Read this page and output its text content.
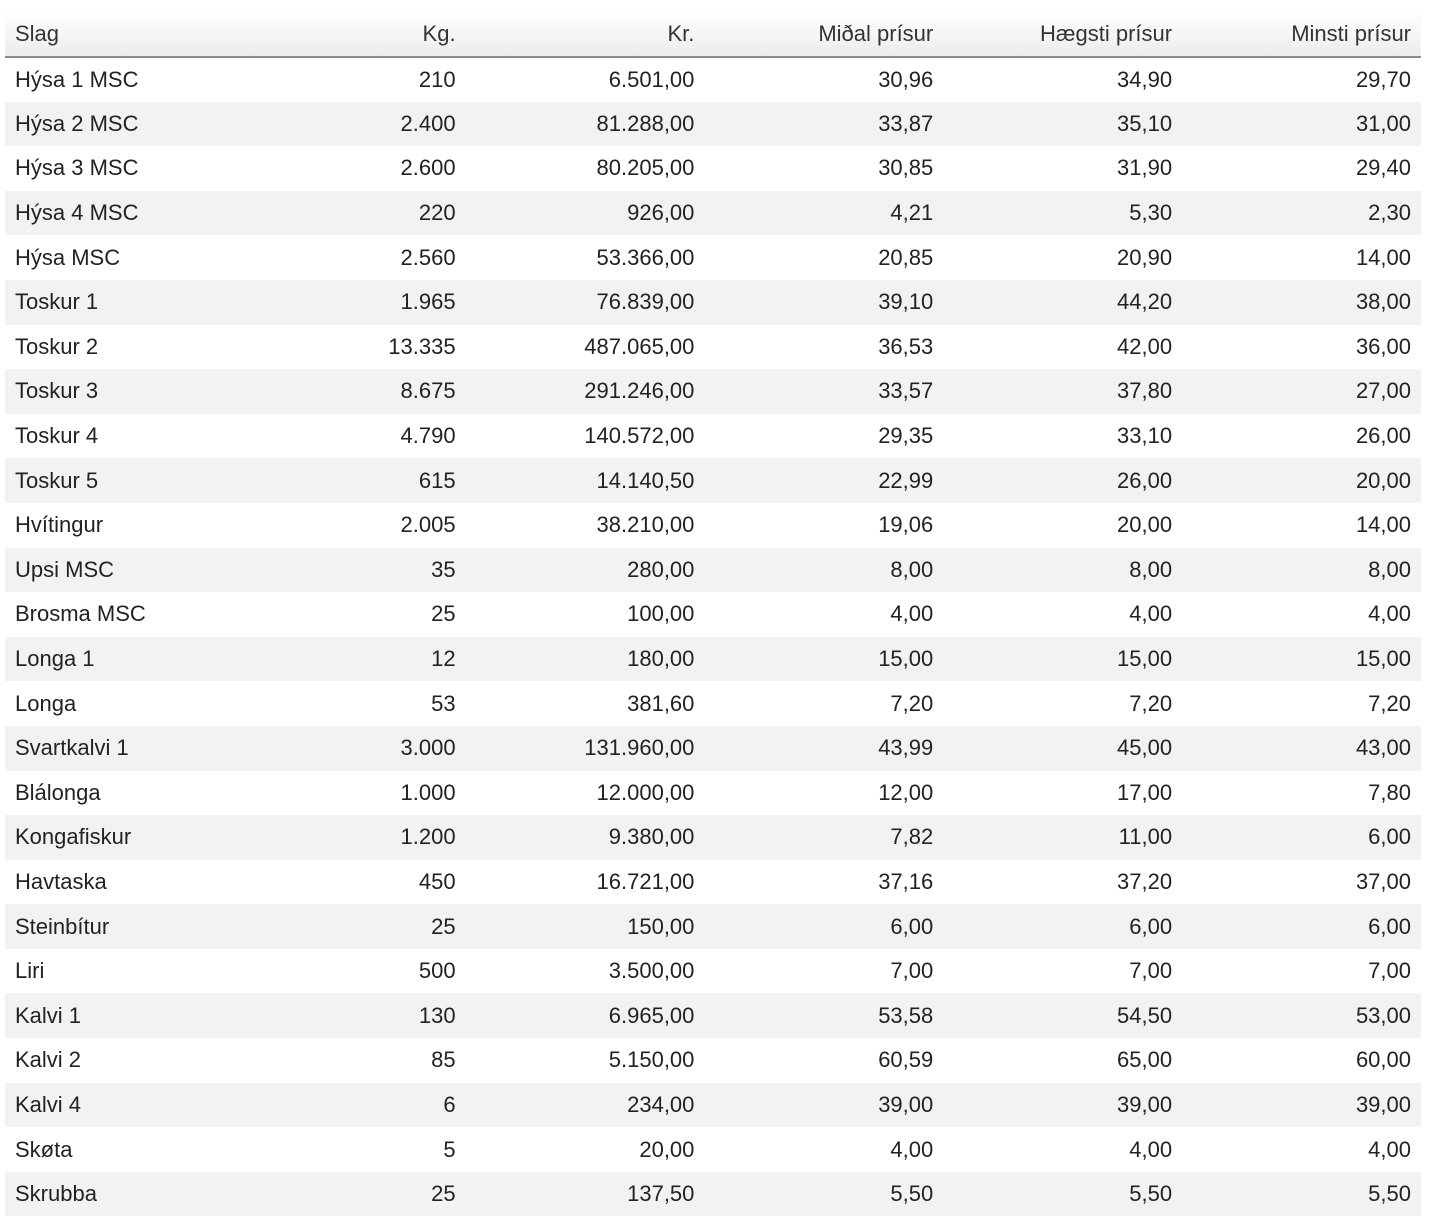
Slag	Kg.	Kr.	Miðal prísur	Hægsti prísur	Minsti prísur
Hýsa 1 MSC	210	6.501,00	30,96	34,90	29,70
Hýsa 2 MSC	2.400	81.288,00	33,87	35,10	31,00
Hýsa 3 MSC	2.600	80.205,00	30,85	31,90	29,40
Hýsa 4 MSC	220	926,00	4,21	5,30	2,30
Hýsa MSC	2.560	53.366,00	20,85	20,90	14,00
Toskur 1	1.965	76.839,00	39,10	44,20	38,00
Toskur 2	13.335	487.065,00	36,53	42,00	36,00
Toskur 3	8.675	291.246,00	33,57	37,80	27,00
Toskur 4	4.790	140.572,00	29,35	33,10	26,00
Toskur 5	615	14.140,50	22,99	26,00	20,00
Hvítingur	2.005	38.210,00	19,06	20,00	14,00
Upsi MSC	35	280,00	8,00	8,00	8,00
Brosma MSC	25	100,00	4,00	4,00	4,00
Longa 1	12	180,00	15,00	15,00	15,00
Longa	53	381,60	7,20	7,20	7,20
Svartkalvi 1	3.000	131.960,00	43,99	45,00	43,00
Blálonga	1.000	12.000,00	12,00	17,00	7,80
Kongafiskur	1.200	9.380,00	7,82	11,00	6,00
Havtaska	450	16.721,00	37,16	37,20	37,00
Steinbítur	25	150,00	6,00	6,00	6,00
Liri	500	3.500,00	7,00	7,00	7,00
Kalvi 1	130	6.965,00	53,58	54,50	53,00
Kalvi 2	85	5.150,00	60,59	65,00	60,00
Kalvi 4	6	234,00	39,00	39,00	39,00
Skøta	5	20,00	4,00	4,00	4,00
Skrubba	25	137,50	5,50	5,50	5,50
